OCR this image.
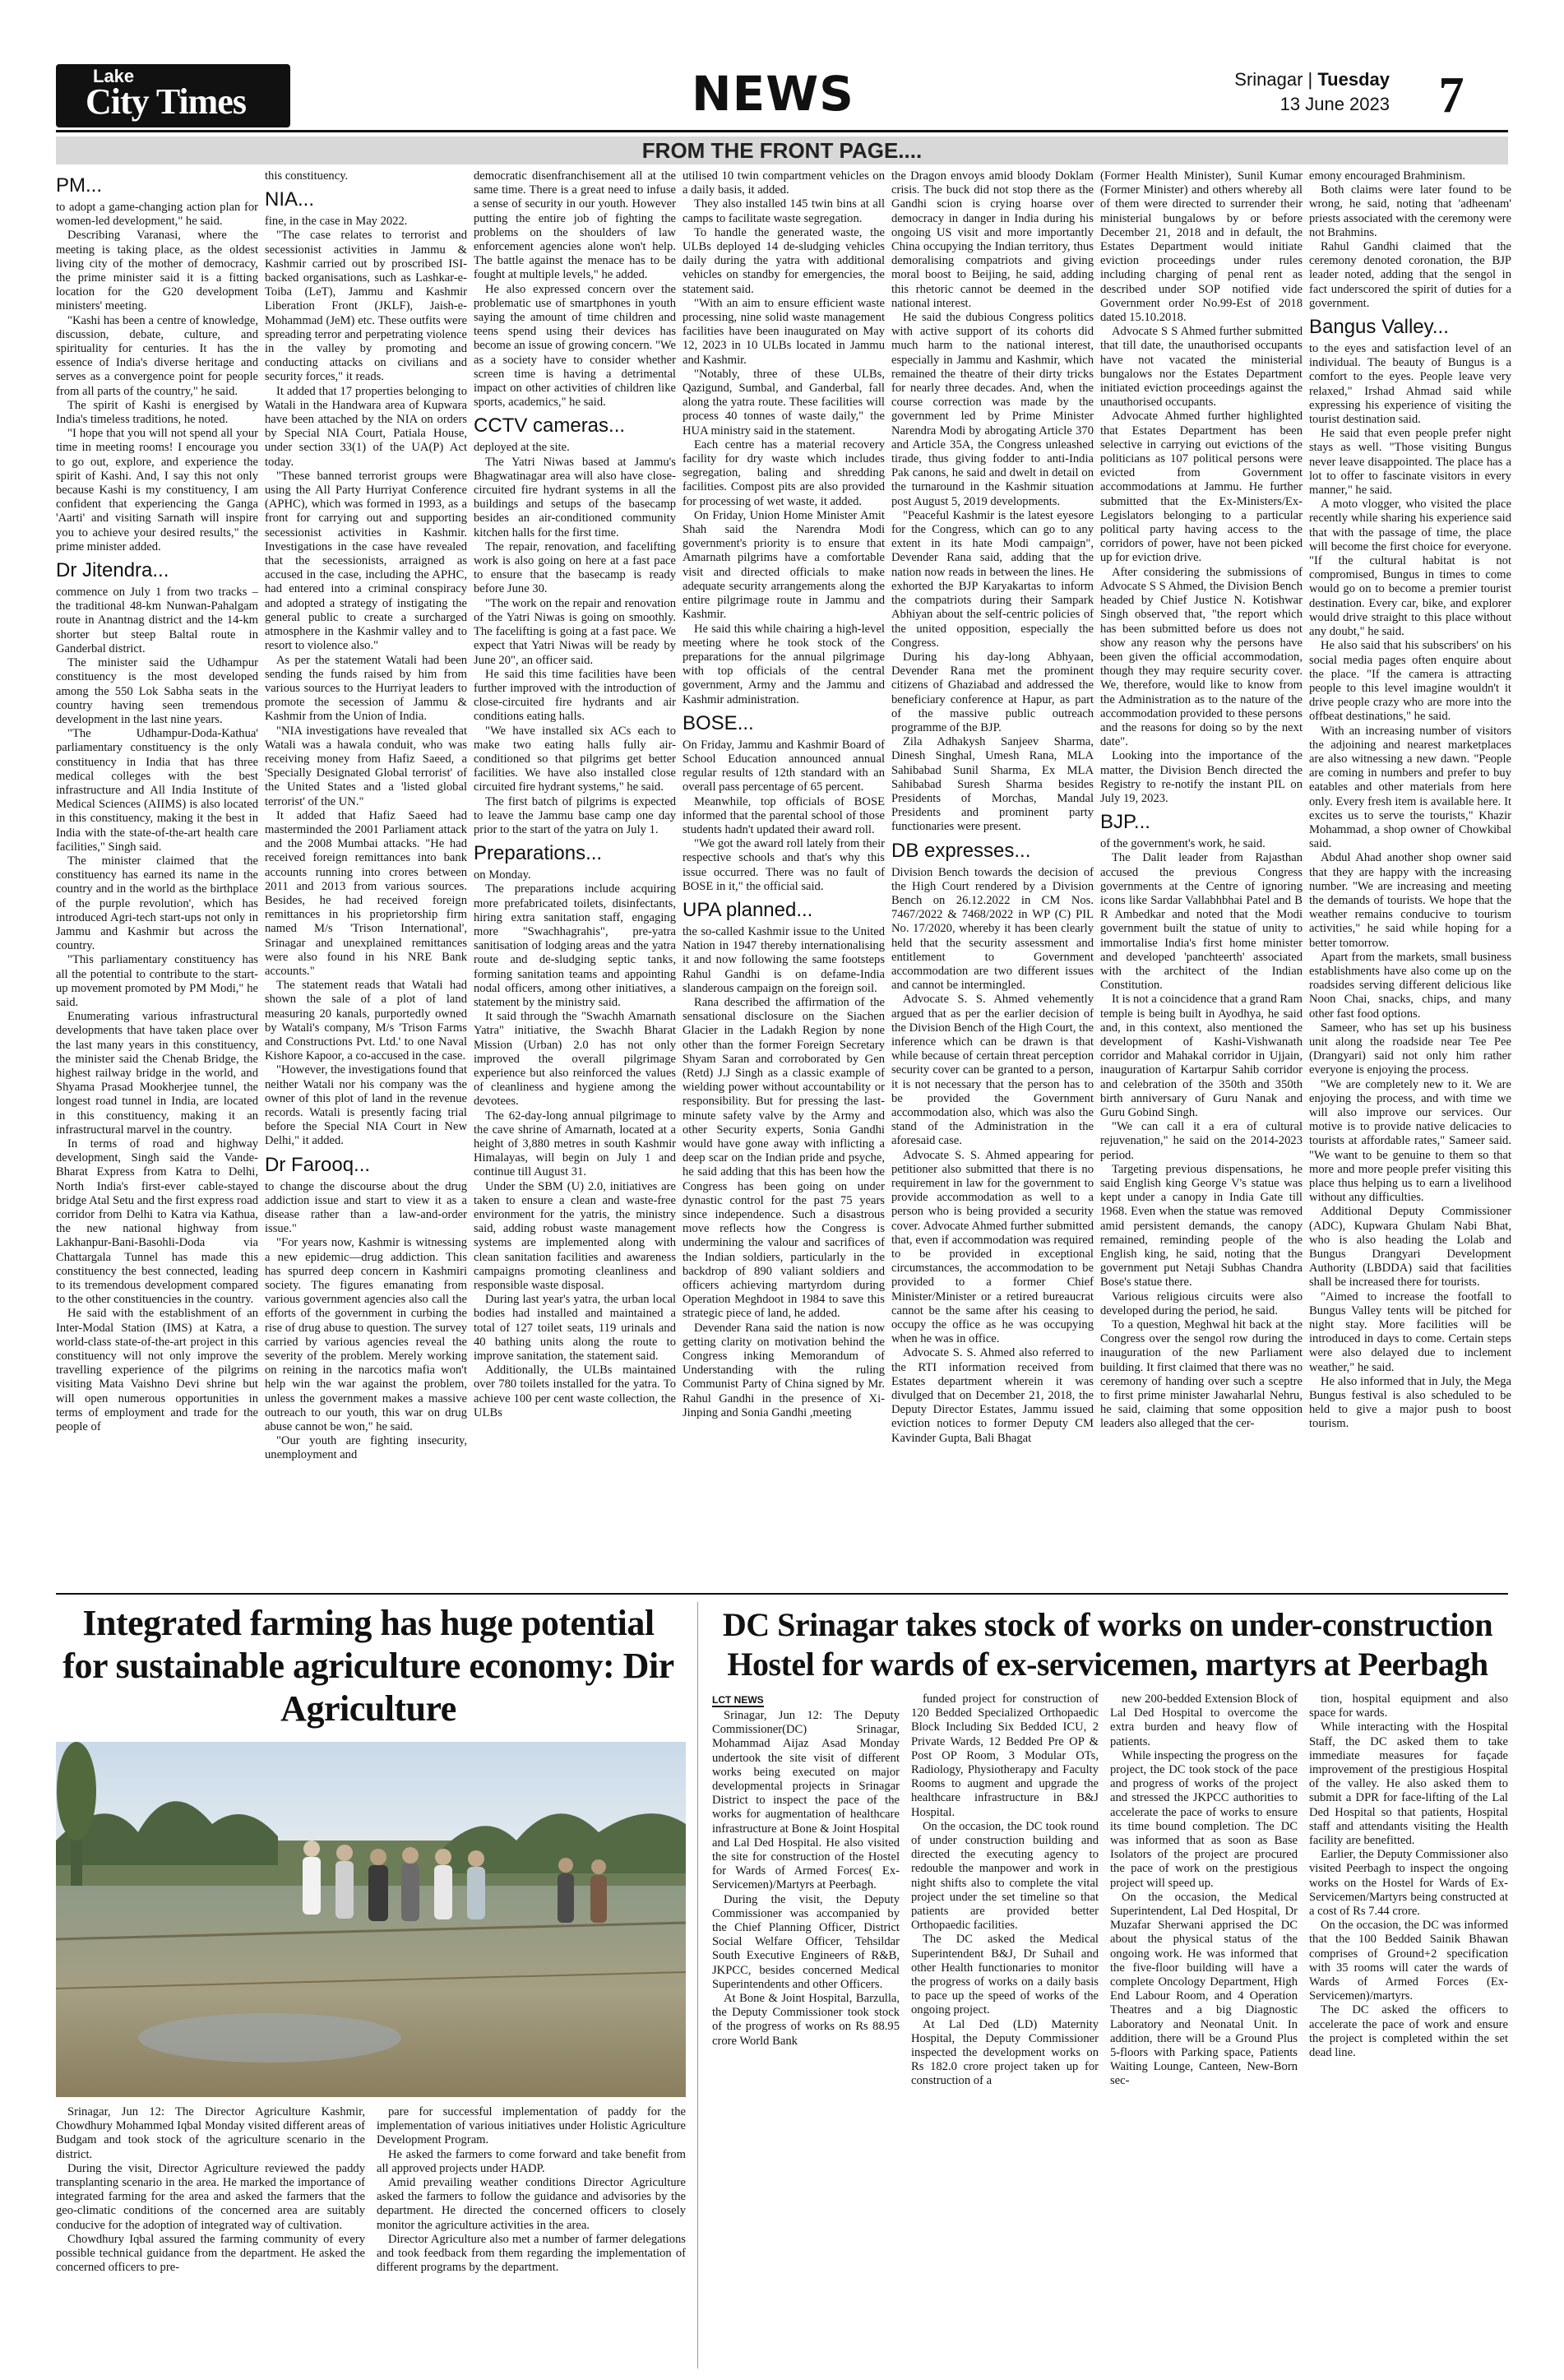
Lake
City Times	NEWS	Srinagar | Tuesday
13 June 2023 7
FROM THE FRONT PAGE....
PM...

to adopt a game-changing action plan for women-led development," he said.

Describing Varanasi, where the meeting is taking place, as the oldest living city of the mother of democracy, the prime minister said it is a fitting location for the G20 development ministers' meeting.

"Kashi has been a centre of knowledge, discussion, debate, culture, and spirituality for centuries. It has the essence of India's diverse heritage and serves as a convergence point for people from all parts of the country," he said.

The spirit of Kashi is energised by India's timeless traditions, he noted.

"I hope that you will not spend all your time in meeting rooms! I encourage you to go out, explore, and experience the spirit of Kashi. And, I say this not only because Kashi is my constituency, I am confident that experiencing the Ganga 'Aarti' and visiting Sarnath will inspire you to achieve your desired results," the prime minister added.

Dr Jitendra...

commence on July 1 from two tracks – the traditional 48-km Nunwan-Pahalgam route in Anantnag district and the 14-km shorter but steep Baltal route in Ganderbal district.

The minister said the Udhampur constituency is the most developed among the 550 Lok Sabha seats in the country having seen tremendous development in the last nine years.

"The Udhampur-Doda-Kathua' parliamentary constituency is the only constituency in India that has three medical colleges with the best infrastructure and All India Institute of Medical Sciences (AIIMS) is also located in this constituency, making it the best in India with the state-of-the-art health care facilities," Singh said.

The minister claimed that the constituency has earned its name in the country and in the world as the birthplace of the purple revolution', which has introduced Agri-tech start-ups not only in Jammu and Kashmir but across the country.

"This parliamentary constituency has all the potential to contribute to the start-up movement promoted by PM Modi," he said.

Enumerating various infrastructural developments that have taken place over the last many years in this constituency, the minister said the Chenab Bridge, the highest railway bridge in the world, and Shyama Prasad Mookherjee tunnel, the longest road tunnel in India, are located in this constituency, making it an infrastructural marvel in the country.

In terms of road and highway development, Singh said the Vande-Bharat Express from Katra to Delhi, North India's first-ever cable-stayed bridge Atal Setu and the first express road corridor from Delhi to Katra via Kathua, the new national highway from Lakhanpur-Bani-Basohli-Doda via Chattargala Tunnel has made this constituency the best connected, leading to its tremendous development compared to the other constituencies in the country.

He said with the establishment of an Inter-Modal Station (IMS) at Katra, a world-class state-of-the-art project in this constituency will not only improve the travelling experience of the pilgrims visiting Mata Vaishno Devi shrine but will open numerous opportunities in terms of employment and trade for the people of

this constituency.

NIA...

fine, in the case in May 2022.

"The case relates to terrorist and secessionist activities in Jammu & Kashmir carried out by proscribed ISI-backed organisations, such as Lashkar-e-Toiba (LeT), Jammu and Kashmir Liberation Front (JKLF), Jaish-e-Mohammad (JeM) etc. These outfits were spreading terror and perpetrating violence in the valley by promoting and conducting attacks on civilians and security forces," it reads.

It added that 17 properties belonging to Watali in the Handwara area of Kupwara have been attached by the NIA on orders by Special NIA Court, Patiala House, under section 33(1) of the UA(P) Act today.

"These banned terrorist groups were using the All Party Hurriyat Conference (APHC), which was formed in 1993, as a front for carrying out and supporting secessionist activities in Kashmir. Investigations in the case have revealed that the secessionists, arraigned as accused in the case, including the APHC, had entered into a criminal conspiracy and adopted a strategy of instigating the general public to create a surcharged atmosphere in the Kashmir valley and to resort to violence also."

As per the statement Watali had been sending the funds raised by him from various sources to the Hurriyat leaders to promote the secession of Jammu & Kashmir from the Union of India.

"NIA investigations have revealed that Watali was a hawala conduit, who was receiving money from Hafiz Saeed, a 'Specially Designated Global terrorist' of the United States and a 'listed global terrorist' of the UN."

It added that Hafiz Saeed had masterminded the 2001 Parliament attack and the 2008 Mumbai attacks. "He had received foreign remittances into bank accounts running into crores between 2011 and 2013 from various sources. Besides, he had received foreign remittances in his proprietorship firm named M/s 'Trison International', Srinagar and unexplained remittances were also found in his NRE Bank accounts."

The statement reads that Watali had shown the sale of a plot of land measuring 20 kanals, purportedly owned by Watali's company, M/s 'Trison Farms and Constructions Pvt. Ltd.' to one Naval Kishore Kapoor, a co-accused in the case.

"However, the investigations found that neither Watali nor his company was the owner of this plot of land in the revenue records. Watali is presently facing trial before the Special NIA Court in New Delhi," it added.

Dr Farooq...

to change the discourse about the drug addiction issue and start to view it as a disease rather than a law-and-order issue."

"For years now, Kashmir is witnessing a new epidemic—drug addiction. This has spurred deep concern in Kashmiri society. The figures emanating from various government agencies also call the efforts of the government in curbing the rise of drug abuse to question. The survey carried by various agencies reveal the severity of the problem. Merely working on reining in the narcotics mafia won't help win the war against the problem, unless the government makes a massive outreach to our youth, this war on drug abuse cannot be won," he said.

"Our youth are fighting insecurity, unemployment and

democratic disenfranchisement all at the same time. There is a great need to infuse a sense of security in our youth. However putting the entire job of fighting the problems on the shoulders of law enforcement agencies alone won't help. The battle against the menace has to be fought at multiple levels," he added.

He also expressed concern over the problematic use of smartphones in youth saying the amount of time children and teens spend using their devices has become an issue of growing concern. "We as a society have to consider whether screen time is having a detrimental impact on other activities of children like sports, academics," he said.

CCTV cameras...

deployed at the site.

The Yatri Niwas based at Jammu's Bhagwatinagar area will also have close-circuited fire hydrant systems in all the buildings and setups of the basecamp besides an air-conditioned community kitchen halls for the first time.

The repair, renovation, and facelifting work is also going on here at a fast pace to ensure that the basecamp is ready before June 30.

"The work on the repair and renovation of the Yatri Niwas is going on smoothly. The facelifting is going at a fast pace. We expect that Yatri Niwas will be ready by June 20", an officer said.

He said this time facilities have been further improved with the introduction of close-circuited fire hydrants and air conditions eating halls.

"We have installed six ACs each to make two eating halls fully air-conditioned so that pilgrims get better facilities. We have also installed close circuited fire hydrant systems," he said.

The first batch of pilgrims is expected to leave the Jammu base camp one day prior to the start of the yatra on July 1.

Preparations...

on Monday.

The preparations include acquiring more prefabricated toilets, disinfectants, hiring extra sanitation staff, engaging more "Swachhagrahis", pre-yatra sanitisation of lodging areas and the yatra route and de-sludging septic tanks, forming sanitation teams and appointing nodal officers, among other initiatives, a statement by the ministry said.

It said through the "Swachh Amarnath Yatra" initiative, the Swachh Bharat Mission (Urban) 2.0 has not only improved the overall pilgrimage experience but also reinforced the values of cleanliness and hygiene among the devotees.

The 62-day-long annual pilgrimage to the cave shrine of Amarnath, located at a height of 3,880 metres in south Kashmir Himalayas, will begin on July 1 and continue till August 31.

Under the SBM (U) 2.0, initiatives are taken to ensure a clean and waste-free environment for the yatris, the ministry said, adding robust waste management systems are implemented along with clean sanitation facilities and awareness campaigns promoting cleanliness and responsible waste disposal.

During last year's yatra, the urban local bodies had installed and maintained a total of 127 toilet seats, 119 urinals and 40 bathing units along the route to improve sanitation, the statement said.

Additionally, the ULBs maintained over 780 toilets installed for the yatra. To achieve 100 per cent waste collection, the ULBs

utilised 10 twin compartment vehicles on a daily basis, it added.

They also installed 145 twin bins at all camps to facilitate waste segregation.

To handle the generated waste, the ULBs deployed 14 de-sludging vehicles daily during the yatra with additional vehicles on standby for emergencies, the statement said.

"With an aim to ensure efficient waste processing, nine solid waste management facilities have been inaugurated on May 12, 2023 in 10 ULBs located in Jammu and Kashmir.

"Notably, three of these ULBs, Qazigund, Sumbal, and Ganderbal, fall along the yatra route. These facilities will process 40 tonnes of waste daily," the HUA ministry said in the statement.

Each centre has a material recovery facility for dry waste which includes segregation, baling and shredding facilities. Compost pits are also provided for processing of wet waste, it added.

On Friday, Union Home Minister Amit Shah said the Narendra Modi government's priority is to ensure that Amarnath pilgrims have a comfortable visit and directed officials to make adequate security arrangements along the entire pilgrimage route in Jammu and Kashmir.

He said this while chairing a high-level meeting where he took stock of the preparations for the annual pilgrimage with top officials of the central government, Army and the Jammu and Kashmir administration.

BOSE...

On Friday, Jammu and Kashmir Board of School Education announced annual regular results of 12th standard with an overall pass percentage of 65 percent.

Meanwhile, top officials of BOSE informed that the parental school of those students hadn't updated their award roll.

"We got the award roll lately from their respective schools and that's why this issue occurred. There was no fault of BOSE in it," the official said.

UPA planned...

the so-called Kashmir issue to the United Nation in 1947 thereby internationalising it and now following the same footsteps Rahul Gandhi is on defame-India slanderous campaign on the foreign soil.

Rana described the affirmation of the sensational disclosure on the Siachen Glacier in the Ladakh Region by none other than the former Foreign Secretary Shyam Saran and corroborated by Gen (Retd) J.J Singh as a classic example of wielding power without accountability or responsibility. But for pressing the last-minute safety valve by the Army and other Security experts, Sonia Gandhi would have gone away with inflicting a deep scar on the Indian pride and psyche, he said adding that this has been how the Congress has been going on under dynastic control for the past 75 years since independence. Such a disastrous move reflects how the Congress is undermining the valour and sacrifices of the Indian soldiers, particularly in the backdrop of 890 valiant soldiers and officers achieving martyrdom during Operation Meghdoot in 1984 to save this strategic piece of land, he added.

Devender Rana said the nation is now getting clarity on motivation behind the Congress inking Memorandum of Understanding with the ruling Communist Party of China signed by Mr. Rahul Gandhi in the presence of Xi-Jinping and Sonia Gandhi ,meeting

the Dragon envoys amid bloody Doklam crisis. The buck did not stop there as the Gandhi scion is crying hoarse over democracy in danger in India during his ongoing US visit and more importantly China occupying the Indian territory, thus demoralising compatriots and giving moral boost to Beijing, he said, adding this rhetoric cannot be deemed in the national interest.

He said the dubious Congress politics with active support of its cohorts did much harm to the national interest, especially in Jammu and Kashmir, which remained the theatre of their dirty tricks for nearly three decades. And, when the course correction was made by the government led by Prime Minister Narendra Modi by abrogating Article 370 and Article 35A, the Congress unleashed tirade, thus giving fodder to anti-India Pak canons, he said and dwelt in detail on the turnaround in the Kashmir situation post August 5, 2019 developments.

"Peaceful Kashmir is the latest eyesore for the Congress, which can go to any extent in its hate Modi campaign", Devender Rana said, adding that the nation now reads in between the lines. He exhorted the BJP Karyakartas to inform the compatriots during their Sampark Abhiyan about the self-centric policies of the united opposition, especially the Congress.

During his day-long Abhyaan, Devender Rana met the prominent citizens of Ghaziabad and addressed the beneficiary conference at Hapur, as part of the massive public outreach programme of the BJP.

Zila Adhakysh Sanjeev Sharma, Dinesh Singhal, Umesh Rana, MLA Sahibabad Sunil Sharma, Ex MLA Sahibabad Suresh Sharma besides Presidents of Morchas, Mandal Presidents and prominent party functionaries were present.

DB expresses...

Division Bench towards the decision of the High Court rendered by a Division Bench on 26.12.2022 in CM Nos. 7467/2022 & 7468/2022 in WP (C) PIL No. 17/2020, whereby it has been clearly held that the security assessment and entitlement to Government accommodation are two different issues and cannot be intermingled.

Advocate S. S. Ahmed vehemently argued that as per the earlier decision of the Division Bench of the High Court, the inference which can be drawn is that while because of certain threat perception security cover can be granted to a person, it is not necessary that the person has to be provided the Government accommodation also, which was also the stand of the Administration in the aforesaid case.

Advocate S. S. Ahmed appearing for petitioner also submitted that there is no requirement in law for the government to provide accommodation as well to a person who is being provided a security cover. Advocate Ahmed further submitted that, even if accommodation was required to be provided in exceptional circumstances, the accommodation to be provided to a former Chief Minister/Minister or a retired bureaucrat cannot be the same after his ceasing to occupy the office as he was occupying when he was in office.

Advocate S. S. Ahmed also referred to the RTI information received from Estates department wherein it was divulged that on December 21, 2018, the Deputy Director Estates, Jammu issued eviction notices to former Deputy CM Kavinder Gupta, Bali Bhagat

(Former Health Minister), Sunil Kumar (Former Minister) and others whereby all of them were directed to surrender their ministerial bungalows by or before December 21, 2018 and in default, the Estates Department would initiate eviction proceedings under rules including charging of penal rent as described under SOP notified vide Government order No.99-Est of 2018 dated 15.10.2018.

Advocate S S Ahmed further submitted that till date, the unauthorised occupants have not vacated the ministerial bungalows nor the Estates Department initiated eviction proceedings against the unauthorised occupants.

Advocate Ahmed further highlighted that Estates Department has been selective in carrying out evictions of the politicians as 107 political persons were evicted from Government accommodations at Jammu. He further submitted that the Ex-Ministers/Ex-Legislators belonging to a particular political party having access to the corridors of power, have not been picked up for eviction drive.

After considering the submissions of Advocate S S Ahmed, the Division Bench headed by Chief Justice N. Kotishwar Singh observed that, "the report which has been submitted before us does not show any reason why the persons have been given the official accommodation, though they may require security cover. We, therefore, would like to know from the Administration as to the nature of the accommodation provided to these persons and the reasons for doing so by the next date".

Looking into the importance of the matter, the Division Bench directed the Registry to re-notify the instant PIL on July 19, 2023.

BJP...

of the government's work, he said.

The Dalit leader from Rajasthan accused the previous Congress governments at the Centre of ignoring icons like Sardar Vallabhbhai Patel and B R Ambedkar and noted that the Modi government built the statue of unity to immortalise India's first home minister and developed 'panchteerth' associated with the architect of the Indian Constitution.

It is not a coincidence that a grand Ram temple is being built in Ayodhya, he said and, in this context, also mentioned the development of Kashi-Vishwanath corridor and Mahakal corridor in Ujjain, inauguration of Kartarpur Sahib corridor and celebration of the 350th and 350th birth anniversary of Guru Nanak and Guru Gobind Singh.

"We can call it a era of cultural rejuvenation," he said on the 2014-2023 period.

Targeting previous dispensations, he said English king George V's statue was kept under a canopy in India Gate till 1968. Even when the statue was removed amid persistent demands, the canopy remained, reminding people of the English king, he said, noting that the government put Netaji Subhas Chandra Bose's statue there.

Various religious circuits were also developed during the period, he said.

To a question, Meghwal hit back at the Congress over the sengol row during the inauguration of the new Parliament building. It first claimed that there was no ceremony of handing over such a sceptre to first prime minister Jawaharlal Nehru, he said, claiming that some opposition leaders also alleged that the cer-

emony encouraged Brahminism.

Both claims were later found to be wrong, he said, noting that 'adheenam' priests associated with the ceremony were not Brahmins.

Rahul Gandhi claimed that the ceremony denoted coronation, the BJP leader noted, adding that the sengol in fact underscored the spirit of duties for a government.

Bangus Valley...

to the eyes and satisfaction level of an individual. The beauty of Bungus is a comfort to the eyes. People leave very relaxed," Irshad Ahmad said while expressing his experience of visiting the tourist destination said.

He said that even people prefer night stays as well. "Those visiting Bungus never leave disappointed. The place has a lot to offer to fascinate visitors in every manner," he said.

A moto vlogger, who visited the place recently while sharing his experience said that with the passage of time, the place will become the first choice for everyone. "If the cultural habitat is not compromised, Bungus in times to come would go on to become a premier tourist destination. Every car, bike, and explorer would drive straight to this place without any doubt," he said.

He also said that his subscribers' on his social media pages often enquire about the place. "If the camera is attracting people to this level imagine wouldn't it drive people crazy who are more into the offbeat destinations," he said.

With an increasing number of visitors the adjoining and nearest marketplaces are also witnessing a new dawn. "People are coming in numbers and prefer to buy eatables and other materials from here only. Every fresh item is available here. It excites us to serve the tourists," Khazir Mohammad, a shop owner of Chowkibal said.

Abdul Ahad another shop owner said that they are happy with the increasing number. "We are increasing and meeting the demands of tourists. We hope that the weather remains conducive to tourism activities," he said while hoping for a better tomorrow.

Apart from the markets, small business establishments have also come up on the roadsides serving different delicious like Noon Chai, snacks, chips, and many other fast food options.

Sameer, who has set up his business unit along the roadside near Tee Pee (Drangyari) said not only him rather everyone is enjoying the process.

"We are completely new to it. We are enjoying the process, and with time we will also improve our services. Our motive is to provide native delicacies to tourists at affordable rates," Sameer said. "We want to be genuine to them so that more and more people prefer visiting this place thus helping us to earn a livelihood without any difficulties.

Additional Deputy Commissioner (ADC), Kupwara Ghulam Nabi Bhat, who is also heading the Lolab and Bungus Drangyari Development Authority (LBDDA) said that facilities shall be increased there for tourists.

"Aimed to increase the footfall to Bungus Valley tents will be pitched for night stay. More facilities will be introduced in days to come. Certain steps were also delayed due to inclement weather," he said.

He also informed that in July, the Mega Bungus festival is also scheduled to be held to give a major push to boost tourism.

Integrated farming has huge potential for sustainable agriculture economy: Dir Agriculture

Srinagar, Jun 12: The Director Agriculture Kashmir, Chowdhury Mohammed Iqbal Monday visited different areas of Budgam and took stock of the agriculture scenario in the district.

During the visit, Director Agriculture reviewed the paddy transplanting scenario in the area. He marked the importance of integrated farming for the area and asked the farmers that the geo-climatic conditions of the concerned area are suitably conducive for the adoption of integrated way of cultivation.

Chowdhury Iqbal assured the farming community of every possible technical guidance from the department. He asked the concerned officers to pre-

pare for successful implementation of paddy for the implementation of various initiatives under Holistic Agriculture Development Program.

He asked the farmers to come forward and take benefit from all approved projects under HADP.

Amid prevailing weather conditions Director Agriculture asked the farmers to follow the guidance and advisories by the department. He directed the concerned officers to closely monitor the agriculture activities in the area.

Director Agriculture also met a number of farmer delegations and took feedback from them regarding the implementation of different programs by the department.

DC Srinagar takes stock of works on under-construction Hostel for wards of ex-servicemen, martyrs at Peerbagh
LCT NEWS

Srinagar, Jun 12: The Deputy Commissioner(DC) Srinagar, Mohammad Aijaz Asad Monday undertook the site visit of different works being executed on major developmental projects in Srinagar District to inspect the pace of the works for augmentation of healthcare infrastructure at Bone & Joint Hospital and Lal Ded Hospital. He also visited the site for construction of the Hostel for Wards of Armed Forces( Ex-Servicemen)/Martyrs at Peerbagh.

During the visit, the Deputy Commissioner was accompanied by the Chief Planning Officer, District Social Welfare Officer, Tehsildar South Executive Engineers of R&B, JKPCC, besides concerned Medical Superintendents and other Officers.

At Bone & Joint Hospital, Barzulla, the Deputy Commissioner took stock of the progress of works on Rs 88.95 crore World Bank

funded project for construction of 120 Bedded Specialized Orthopaedic Block Including Six Bedded ICU, 2 Private Wards, 12 Bedded Pre OP & Post OP Room, 3 Modular OTs, Radiology, Physiotherapy and Faculty Rooms to augment and upgrade the healthcare infrastructure in B&J Hospital.

On the occasion, the DC took round of under construction building and directed the executing agency to redouble the manpower and work in night shifts also to complete the vital project under the set timeline so that patients are provided better Orthopaedic facilities.

The DC asked the Medical Superintendent B&J, Dr Suhail and other Health functionaries to monitor the progress of works on a daily basis to pace up the speed of works of the ongoing project.

At Lal Ded (LD) Maternity Hospital, the Deputy Commissioner inspected the development works on Rs 182.0 crore project taken up for construction of a

new 200-bedded Extension Block of Lal Ded Hospital to overcome the extra burden and heavy flow of patients.

While inspecting the progress on the project, the DC took stock of the pace and progress of works of the project and stressed the JKPCC authorities to accelerate the pace of works to ensure its time bound completion. The DC was informed that as soon as Base Isolators of the project are procured the pace of work on the prestigious project will speed up.

On the occasion, the Medical Superintendent, Lal Ded Hospital, Dr Muzafar Sherwani apprised the DC about the physical status of the ongoing work. He was informed that the five-floor building will have a complete Oncology Department, High End Labour Room, and 4 Operation Theatres and a big Diagnostic Laboratory and Neonatal Unit. In addition, there will be a Ground Plus 5-floors with Parking space, Patients Waiting Lounge, Canteen, New-Born sec-

tion, hospital equipment and also space for wards.

While interacting with the Hospital Staff, the DC asked them to take immediate measures for façade improvement of the prestigious Hospital of the valley. He also asked them to submit a DPR for face-lifting of the Lal Ded Hospital so that patients, Hospital staff and attendants visiting the Health facility are benefitted.

Earlier, the Deputy Commissioner also visited Peerbagh to inspect the ongoing works on the Hostel for Wards of Ex-Servicemen/Martyrs being constructed at a cost of Rs 7.44 crore.

On the occasion, the DC was informed that the 100 Bedded Sainik Bhawan comprises of Ground+2 specification with 35 rooms will cater the wards of Wards of Armed Forces (Ex-Servicemen)/martyrs.

The DC asked the officers to accelerate the pace of work and ensure the project is completed within the set dead line.
